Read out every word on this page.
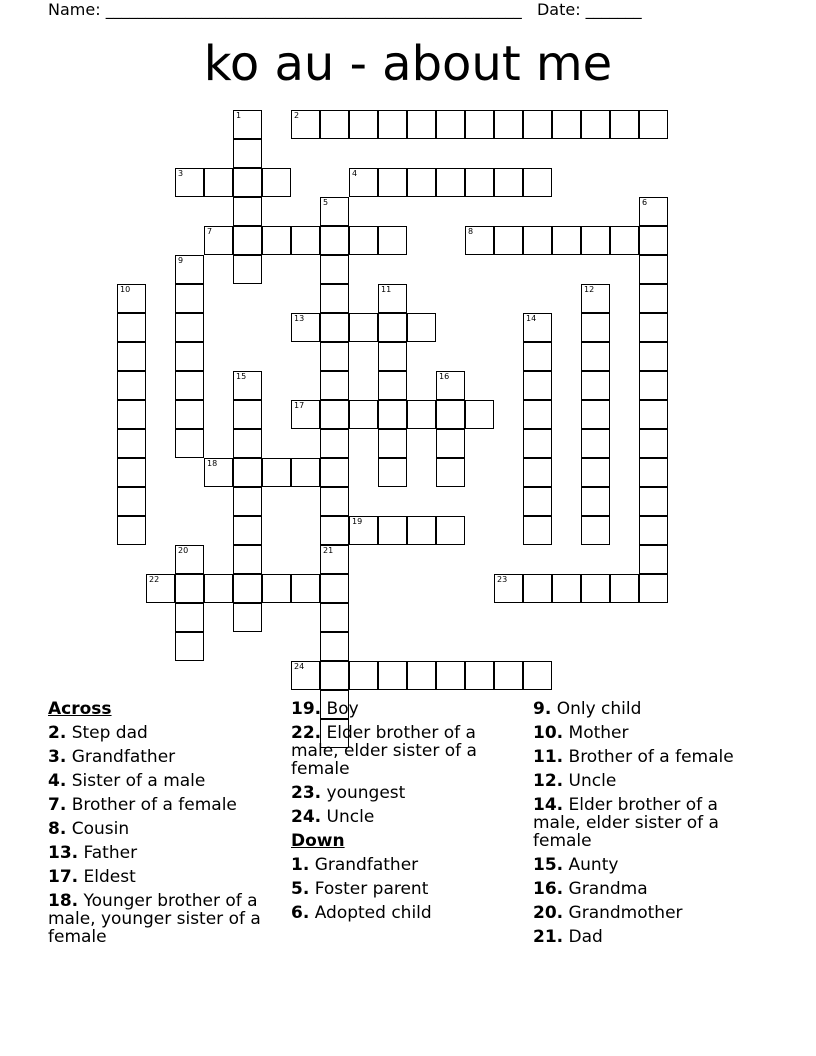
Name: ____________________________________________________ Date: _______
ko au - about me
2
3	4
7	8
13
17
18
19
22	23
24
1
5
21
6
9
10	11	12
14
15	16
20
Across
2. Step dad
3. Grandfather
4. Sister of a male
7. Brother of a female
8. Cousin
13. Father
17. Eldest
18. Younger brother of a male, younger sister of a female
19. Boy
22. Elder brother of a male, elder sister of a female
23. youngest
24. Uncle
Down
1. Grandfather
5. Foster parent
6. Adopted child
9. Only child
10. Mother
11. Brother of a female
12. Uncle
14. Elder brother of a male, elder sister of a female
15. Aunty
16. Grandma
20. Grandmother
21. Dad
